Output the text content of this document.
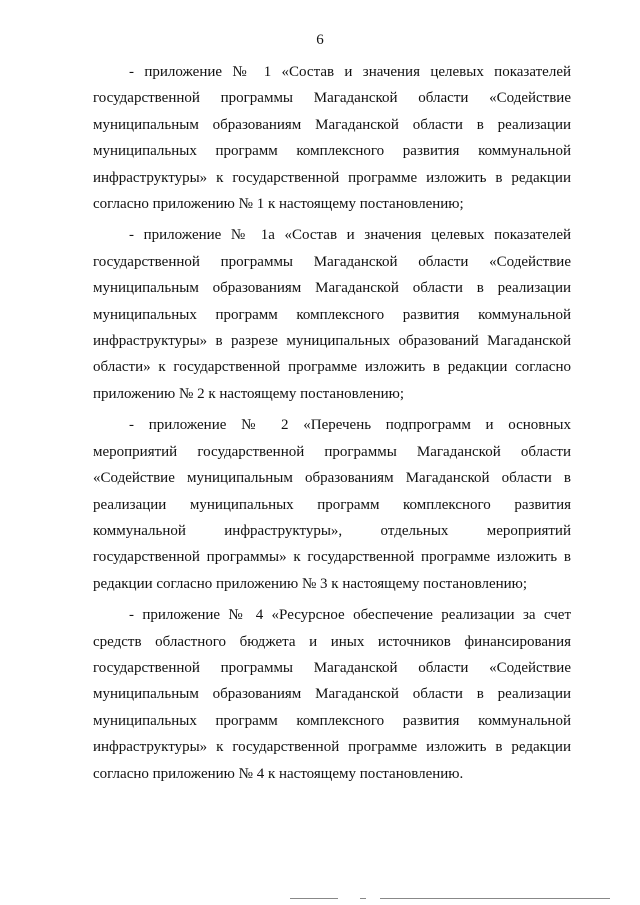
6

- приложение № 1 «Состав и значения целевых показателей государственной программы Магаданской области «Содействие муниципальным образованиям Магаданской области в реализации муниципальных программ комплексного развития коммунальной инфраструктуры» к государственной программе изложить в редакции согласно приложению № 1 к настоящему постановлению;

- приложение № 1а «Состав и значения целевых показателей государственной программы Магаданской области «Содействие муниципальным образованиям Магаданской области в реализации муниципальных программ комплексного развития коммунальной инфраструктуры» в разрезе муниципальных образований Магаданской области» к государственной программе изложить в редакции согласно приложению № 2 к настоящему постановлению;

- приложение № 2 «Перечень подпрограмм и основных мероприятий государственной программы Магаданской области «Содействие муниципальным образованиям Магаданской области в реализации муниципальных программ комплексного развития коммунальной инфраструктуры», отдельных мероприятий государственной программы» к государственной программе изложить в редакции согласно приложению № 3 к настоящему постановлению;

- приложение № 4 «Ресурсное обеспечение реализации за счет средств областного бюджета и иных источников финансирования государственной программы Магаданской области «Содействие муниципальным образованиям Магаданской области в реализации муниципальных программ комплексного развития коммунальной инфраструктуры» к государственной программе изложить в редакции согласно приложению № 4 к настоящему постановлению.
